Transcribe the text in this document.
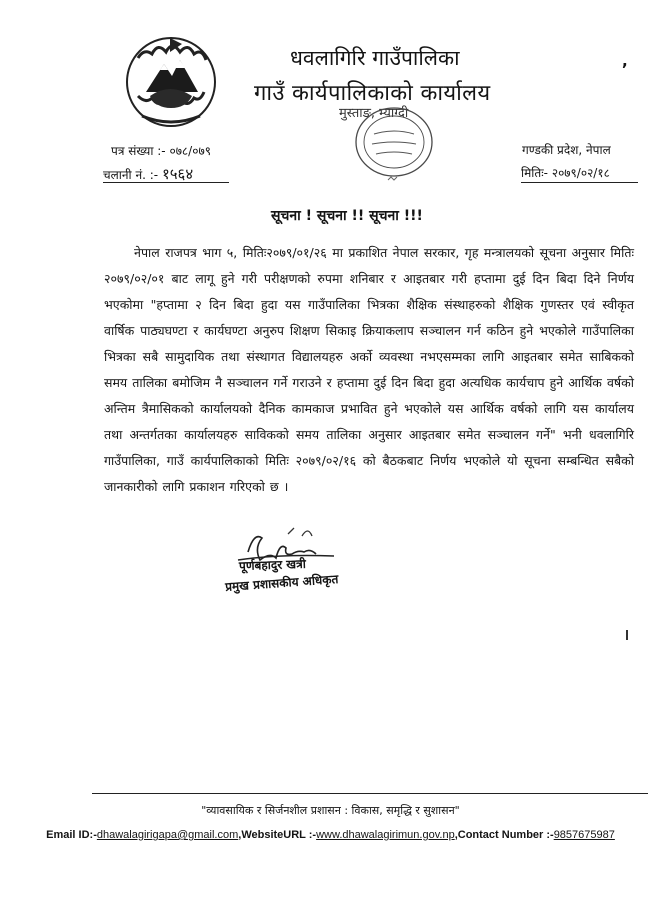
धवलागिरि गाउँपालिका
गाउँ कार्यपालिकाको कार्यालय
मुस्ताङ, म्याग्दी
,
पत्र संख्या :- ०७८/०७९
चलानी नं. :- १५६४
गण्डकी प्रदेश, नेपाल
मितिः- २०७९/०२/१८
सूचना ! सूचना !! सूचना !!!
नेपाल राजपत्र भाग ५, मितिः२०७९/०१/२६ मा प्रकाशित नेपाल सरकार, गृह मन्त्रालयको सूचना अनुसार मितिः २०७९/०२/०१ बाट लागू हुने गरी परीक्षणको रुपमा शनिबार र आइतबार गरी हप्तामा दुई दिन बिदा दिने निर्णय भएकोमा "हप्तामा २ दिन बिदा हुदा यस गाउँपालिका भित्रका शैक्षिक संस्थाहरुको शैक्षिक गुणस्तर एवं स्वीकृत वार्षिक पाठ्यघण्टा र कार्यघण्टा अनुरुप शिक्षण सिकाइ क्रियाकलाप सञ्चालन गर्न कठिन हुने भएकोले गाउँपालिका भित्रका सबै सामुदायिक तथा संस्थागत विद्यालयहरु अर्को व्यवस्था नभएसम्मका लागि आइतबार समेत साबिकको समय तालिका बमोजिम नै सञ्चालन गर्ने गराउने र हप्तामा दुई दिन बिदा हुदा अत्यधिक कार्यचाप हुने आर्थिक वर्षको अन्तिम त्रैमासिकको कार्यालयको दैनिक कामकाज प्रभावित हुने भएकोले यस आर्थिक वर्षको लागि यस कार्यालय तथा अन्तर्गतका कार्यालयहरु साविकको समय तालिका अनुसार आइतबार समेत सञ्चालन गर्ने" भनी धवलागिरि गाउँपालिका, गाउँ कार्यपालिकाको मितिः २०७९/०२/१६ को बैठकबाट निर्णय भएकोले यो सूचना सम्बन्धित सबैको जानकारीको लागि प्रकाशन गरिएको छ ।
पूर्णबहादुर खत्री
प्रमुख प्रशासकीय अधिकृत
"व्यावसायिक र सिर्जनशील प्रशासन : विकास, समृद्धि र सुशासन"
Email ID:-dhawalagirigapa@gmail.com,WebsiteURL :-www.dhawalagirimun.gov.np,Contact Number :-9857675987
